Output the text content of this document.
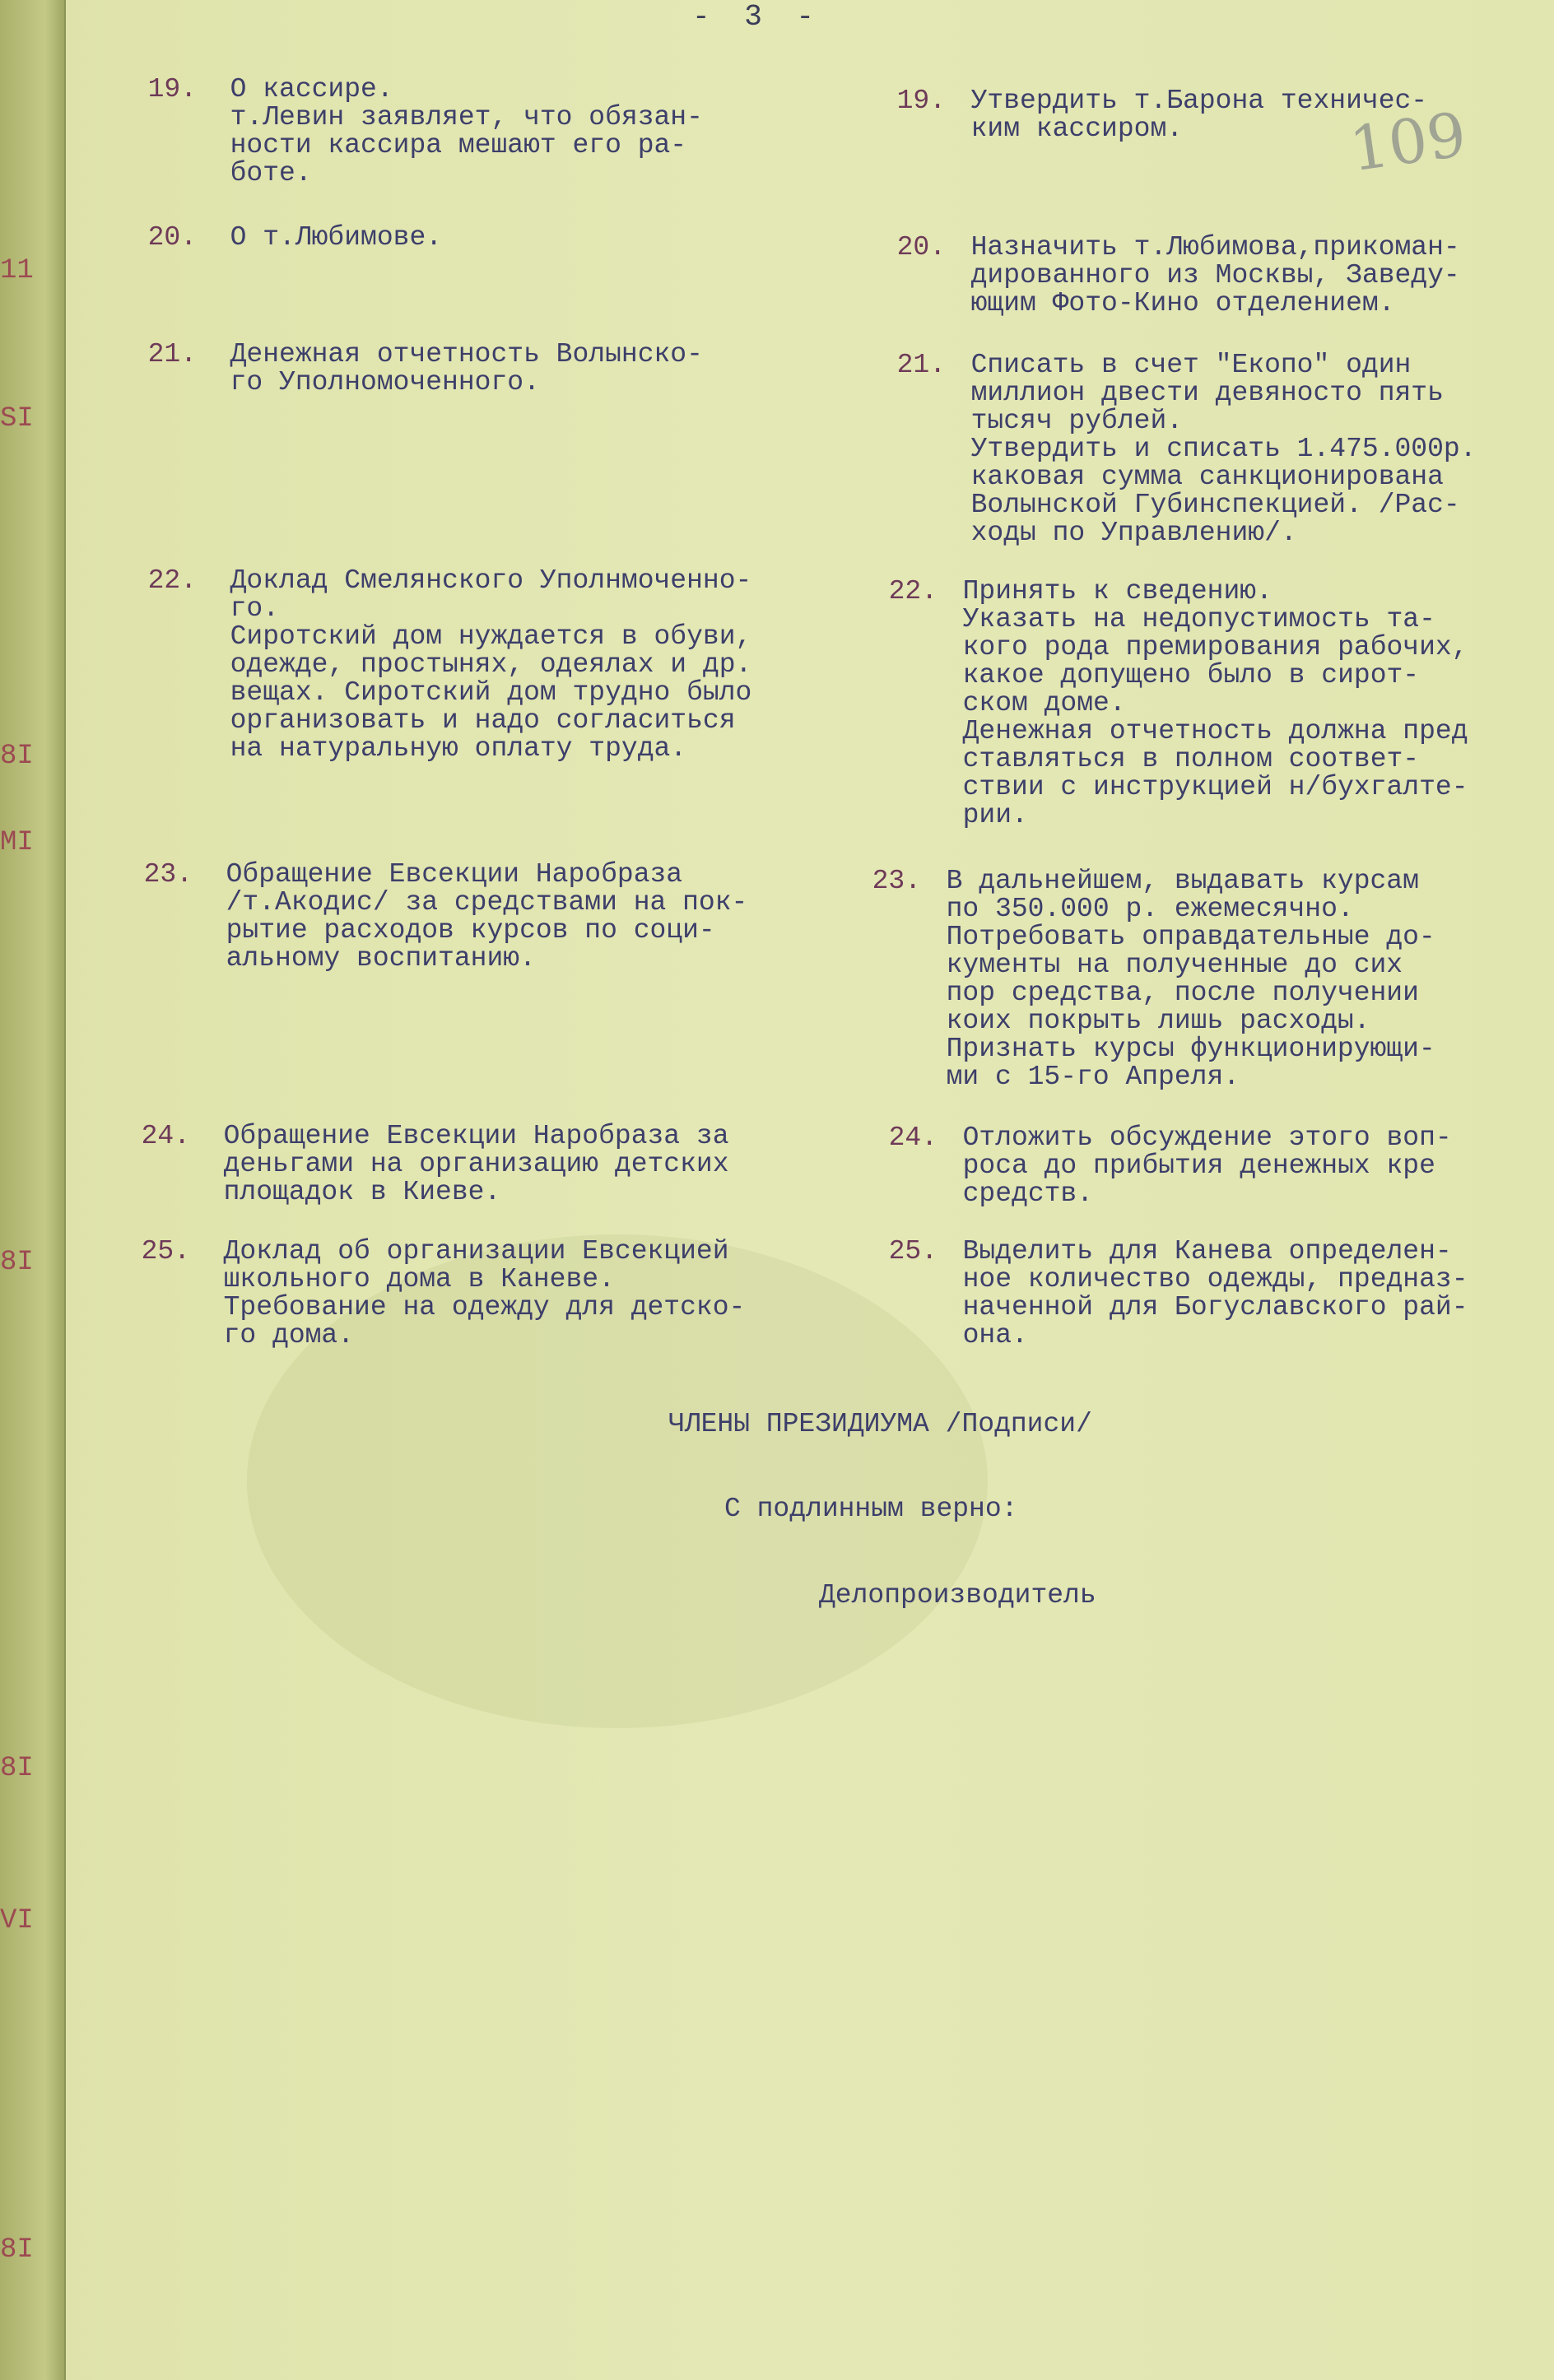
11
SI
8I
МI
8I
8I
VI
8I
- 3 -
109

19. О кассире.
т.Левин заявляет, что обязан-
ности кассира мешают его ра-
боте.

19. Утвердить т.Барона техничес-
ким кассиром.

20. О т.Любимове.	20. Назначить т.Любимова,прикоман-
дированного из Москвы, Заведу-
ющим Фото-Кино отделением.

21. Денежная отчетность Волынско-
го Уполномоченного.

21. Списать в счет "Екопо" один
миллион двести девяносто пять
тысяч рублей.
Утвердить и списать 1.475.000р.
каковая сумма санкционирована
Волынской Губинспекцией. /Рас-
ходы по Управлению/.

22. Доклад Смелянского Уполнмоченно-
го.
Сиротский дом нуждается в обуви,
одежде, простынях, одеялах и др.
вещах. Сиротский дом трудно было
организовать и надо согласиться
на натуральную оплату труда.

22. Принять к сведению.
Указать на недопустимость та-
кого рода премирования рабочих,
какое допущено было в сирот-
ском доме.
Денежная отчетность должна пред
ставляться в полном соответ-
ствии с инструкцией н/бухгалте-
рии.

23. Обращение Евсекции Наробраза
/т.Акодис/ за средствами на пок-
рытие расходов курсов по соци-
альному воспитанию.

23. В дальнейшем, выдавать курсам
по 350.000 р. ежемесячно.
Потребовать оправдательные до-
кументы на полученные до сих
пор средства, после получении
коих покрыть лишь расходы.
Признать курсы функционирующи-
ми с 15-го Апреля.

24. Обращение Евсекции Наробраза за
деньгами на организацию детских
площадок в Киеве.

24. Отложить обсуждение этого воп-
роса до прибытия денежных кре
средств.

25. Доклад об организации Евсекцией
школьного дома в Каневе.
Требование на одежду для детско-
го дома.

25. Выделить для Канева определен-
ное количество одежды, предназ-
наченной для Богуславского рай-
она.

ЧЛЕНЫ ПРЕЗИДИУМА /Подписи/
С подлинным верно:
Делопроизводитель
